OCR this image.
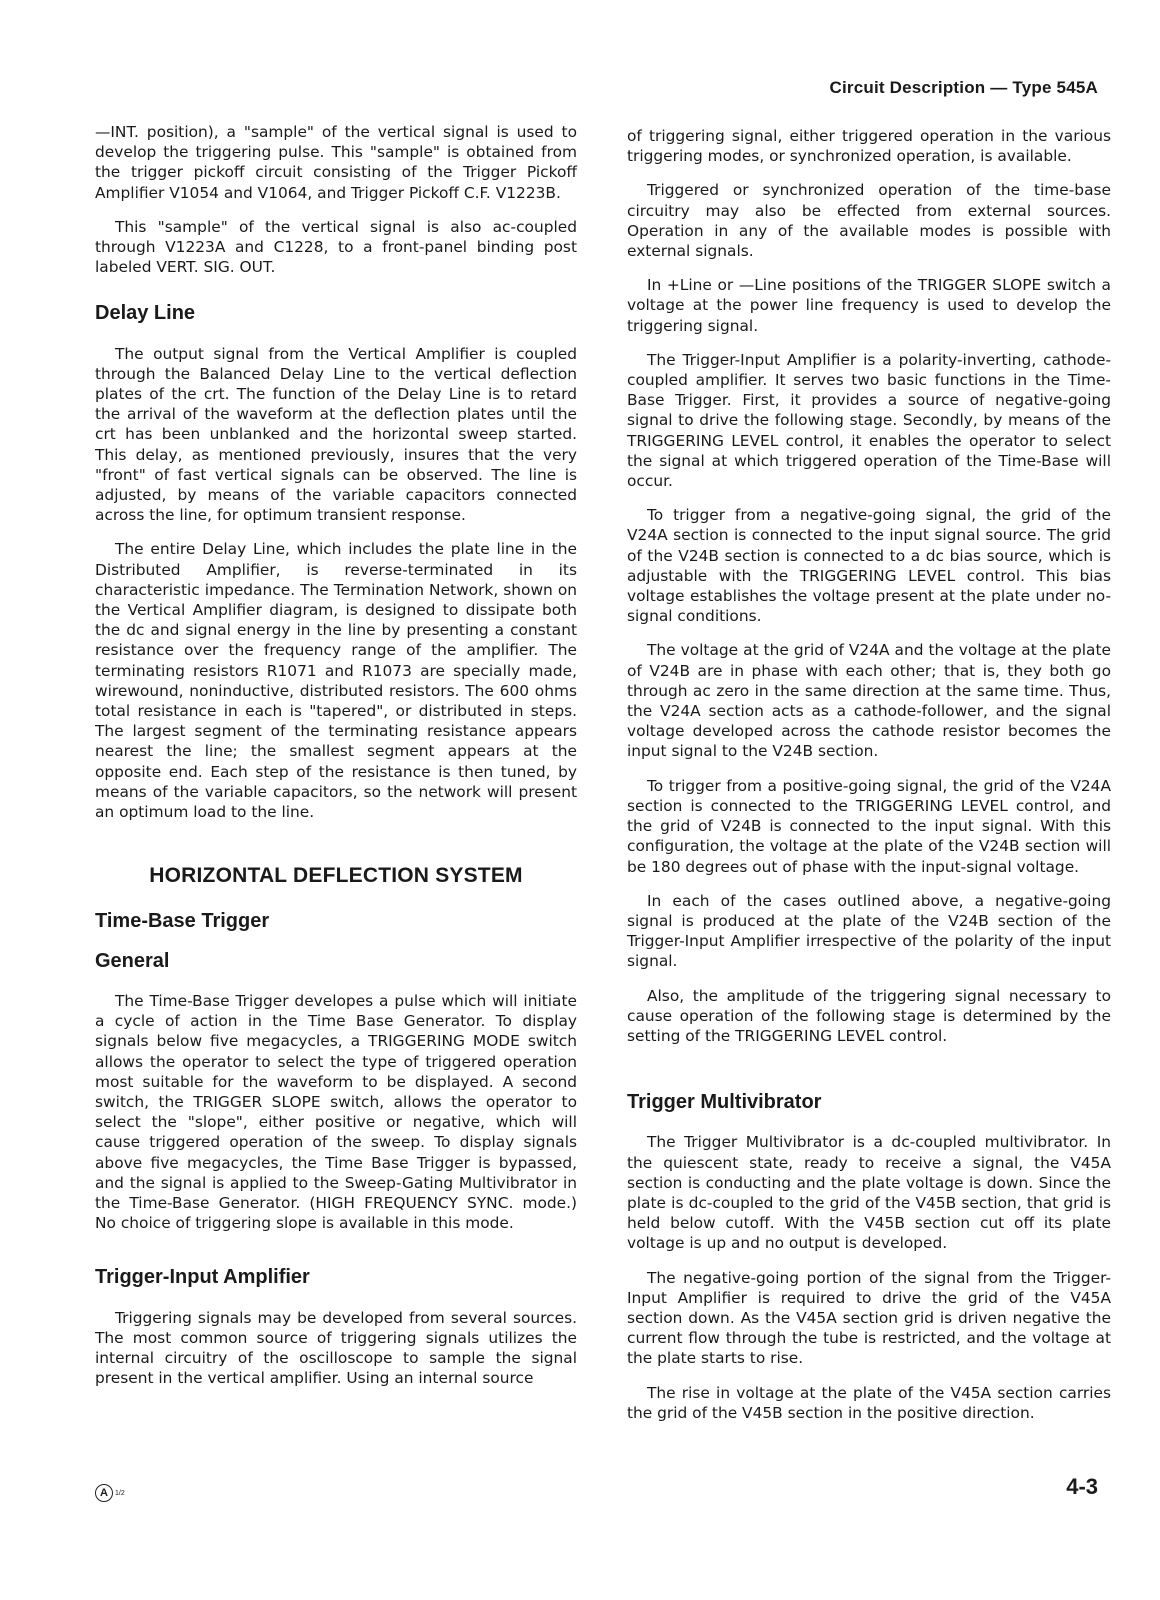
Circuit Description — Type 545A

—INT. position), a "sample" of the vertical signal is used to develop the triggering pulse. This "sample" is obtained from the trigger pickoff circuit consisting of the Trigger Pickoff Amplifier V1054 and V1064, and Trigger Pickoff C.F. V1223B.

This "sample" of the vertical signal is also ac-coupled through V1223A and C1228, to a front-panel binding post labeled VERT. SIG. OUT.

Delay Line

The output signal from the Vertical Amplifier is coupled through the Balanced Delay Line to the vertical deflection plates of the crt. The function of the Delay Line is to retard the arrival of the waveform at the deflection plates until the crt has been unblanked and the horizontal sweep started. This delay, as mentioned previously, insures that the very "front" of fast vertical signals can be observed. The line is adjusted, by means of the variable capacitors connected across the line, for optimum transient response.

The entire Delay Line, which includes the plate line in the Distributed Amplifier, is reverse-terminated in its characteristic impedance. The Termination Network, shown on the Vertical Amplifier diagram, is designed to dissipate both the dc and signal energy in the line by presenting a constant resistance over the frequency range of the amplifier. The terminating resistors R1071 and R1073 are specially made, wirewound, noninductive, distributed resistors. The 600 ohms total resistance in each is "tapered", or distributed in steps. The largest segment of the terminating resistance appears nearest the line; the smallest segment appears at the opposite end. Each step of the resistance is then tuned, by means of the variable capacitors, so the network will present an optimum load to the line.

HORIZONTAL DEFLECTION SYSTEM
Time-Base Trigger
General

The Time-Base Trigger developes a pulse which will initiate a cycle of action in the Time Base Generator. To display signals below five megacycles, a TRIGGERING MODE switch allows the operator to select the type of triggered operation most suitable for the waveform to be displayed. A second switch, the TRIGGER SLOPE switch, allows the operator to select the "slope", either positive or negative, which will cause triggered operation of the sweep. To display signals above five megacycles, the Time Base Trigger is bypassed, and the signal is applied to the Sweep-Gating Multivibrator in the Time-Base Generator. (HIGH FREQUENCY SYNC. mode.) No choice of triggering slope is available in this mode.

Trigger-Input Amplifier

Triggering signals may be developed from several sources. The most common source of triggering signals utilizes the internal circuitry of the oscilloscope to sample the signal present in the vertical amplifier. Using an internal source

of triggering signal, either triggered operation in the various triggering modes, or synchronized operation, is available.

Triggered or synchronized operation of the time-base circuitry may also be effected from external sources. Operation in any of the available modes is possible with external signals.

In +Line or —Line positions of the TRIGGER SLOPE switch a voltage at the power line frequency is used to develop the triggering signal.

The Trigger-Input Amplifier is a polarity-inverting, cathode-coupled amplifier. It serves two basic functions in the Time-Base Trigger. First, it provides a source of negative-going signal to drive the following stage. Secondly, by means of the TRIGGERING LEVEL control, it enables the operator to select the signal at which triggered operation of the Time-Base will occur.

To trigger from a negative-going signal, the grid of the V24A section is connected to the input signal source. The grid of the V24B section is connected to a dc bias source, which is adjustable with the TRIGGERING LEVEL control. This bias voltage establishes the voltage present at the plate under no-signal conditions.

The voltage at the grid of V24A and the voltage at the plate of V24B are in phase with each other; that is, they both go through ac zero in the same direction at the same time. Thus, the V24A section acts as a cathode-follower, and the signal voltage developed across the cathode resistor becomes the input signal to the V24B section.

To trigger from a positive-going signal, the grid of the V24A section is connected to the TRIGGERING LEVEL control, and the grid of V24B is connected to the input signal. With this configuration, the voltage at the plate of the V24B section will be 180 degrees out of phase with the input-signal voltage.

In each of the cases outlined above, a negative-going signal is produced at the plate of the V24B section of the Trigger-Input Amplifier irrespective of the polarity of the input signal.

Also, the amplitude of the triggering signal necessary to cause operation of the following stage is determined by the setting of the TRIGGERING LEVEL control.

Trigger Multivibrator

The Trigger Multivibrator is a dc-coupled multivibrator. In the quiescent state, ready to receive a signal, the V45A section is conducting and the plate voltage is down. Since the plate is dc-coupled to the grid of the V45B section, that grid is held below cutoff. With the V45B section cut off its plate voltage is up and no output is developed.

The negative-going portion of the signal from the Trigger-Input Amplifier is required to drive the grid of the V45A section down. As the V45A section grid is driven negative the current flow through the tube is restricted, and the voltage at the plate starts to rise.

The rise in voltage at the plate of the V45A section carries the grid of the V45B section in the positive direction.

A	1/2	4-3
